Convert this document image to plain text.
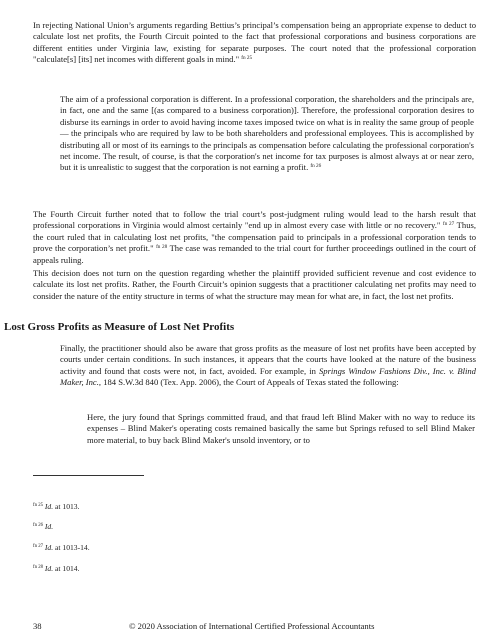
In rejecting National Union’s arguments regarding Bettius’s principal’s compensation being an appropriate expense to deduct to calculate lost net profits, the Fourth Circuit pointed to the fact that professional corporations and business corporations are different entities under Virginia law, existing for separate purposes. The court noted that the professional corporation "calculate[s] [its] net incomes with different goals in mind." $^{fn 25}$

The aim of a professional corporation is different. In a professional corporation, the shareholders and the principals are, in fact, one and the same [(as compared to a business corporation)]. Therefore, the professional corporation desires to disburse its earnings in order to avoid having income taxes imposed twice on what is in reality the same group of people — the principals who are required by law to be both shareholders and professional employees. This is accomplished by distributing all or most of its earnings to the principals as compensation before calculating the professional corporation's net income. The result, of course, is that the corporation's net income for tax purposes is almost always at or near zero, but it is unrealistic to suggest that the corporation is not earning a profit. $^{fn 26}$

The Fourth Circuit further noted that to follow the trial court’s post-judgment ruling would lead to the harsh result that professional corporations in Virginia would almost certainly "end up in almost every case with little or no recovery." $^{fn 27}$ Thus, the court ruled that in calculating lost net profits, "the compensation paid to principals in a professional corporation tends to prove the corporation’s net profit." $^{fn 28}$ The case was remanded to the trial court for further proceedings outlined in the court of appeals ruling.

This decision does not turn on the question regarding whether the plaintiff provided sufficient revenue and cost evidence to calculate its lost net profits. Rather, the Fourth Circuit’s opinion suggests that a practitioner calculating net profits may need to consider the nature of the entity structure in terms of what the structure may mean for what are, in fact, the lost net profits.

Lost Gross Profits as Measure of Lost Net Profits

Finally, the practitioner should also be aware that gross profits as the measure of lost net profits have been accepted by courts under certain conditions. In such instances, it appears that the courts have looked at the nature of the business activity and found that costs were not, in fact, avoided. For example, in Springs Window Fashions Div., Inc. v. Blind Maker, Inc., 184 S.W.3d 840 (Tex. App. 2006), the Court of Appeals of Texas stated the following:

Here, the jury found that Springs committed fraud, and that fraud left Blind Maker with no way to reduce its expenses – Blind Maker's operating costs remained basically the same but Springs refused to sell Blind Maker more material, to buy back Blind Maker's unsold inventory, or to

$^{fn 25}$ Id. at 1013.
$^{fn 26}$ Id.
$^{fn 27}$ Id. at 1013-14.
$^{fn 28}$ Id. at 1014.
38	© 2020 Association of International Certified Professional Accountants
